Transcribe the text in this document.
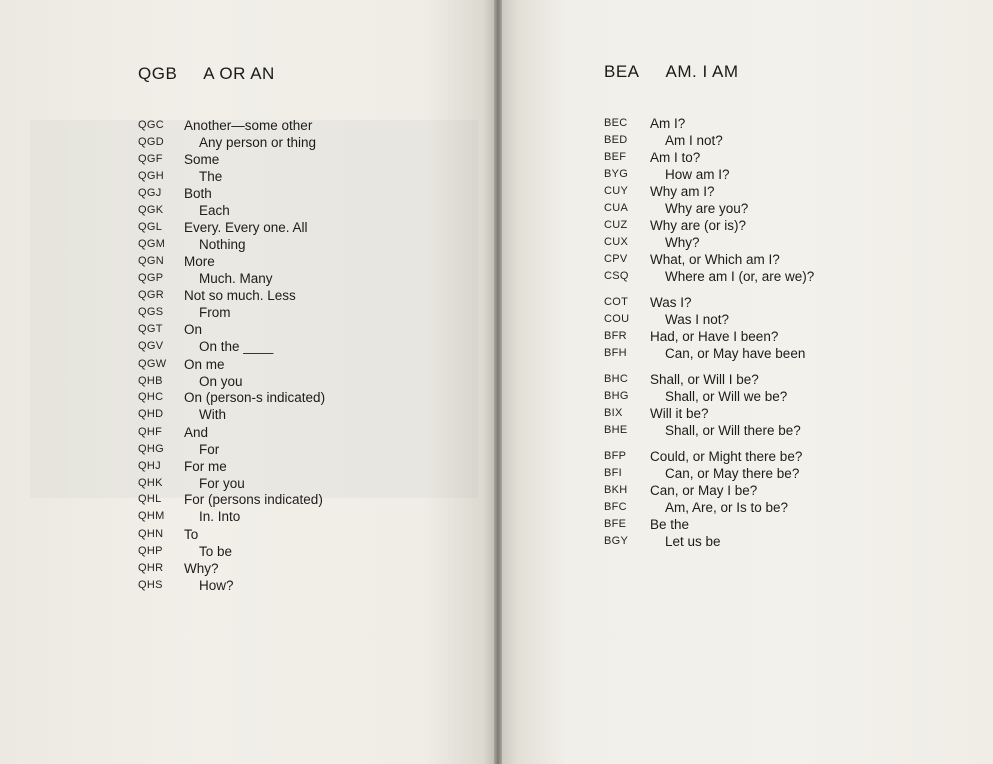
QGB A OR AN
QGC Another—some other
QGD	Any person or thing
QGF Some
QGH	The
QGJ Both
QGK	Each
QGL Every. Every one. All
QGM	Nothing
QGN More
QGP	Much. Many
QGR Not so much. Less
QGS	From
QGT On
QGV	On the ____
QGW On me
QHB	On you
QHC On (person-s indicated)
QHD	With
QHF And
QHG	For
QHJ For me
QHK	For you
QHL For (persons indicated)
QHM	In. Into
QHN To
QHP	To be
QHR Why?
QHS	How?
BEA AM. I AM
BEC Am I?
BED	Am I not?
BEF Am I to?
BYG	How am I?
CUY Why am I?
CUA	Why are you?
CUZ Why are (or is)?
CUX	Why?
CPV What, or Which am I?
CSQ	Where am I (or, are we)?
COT Was I?
COU	Was I not?
BFR Had, or Have I been?
BFH	Can, or May have been
BHC Shall, or Will I be?
BHG	Shall, or Will we be?
BIX Will it be?
BHE	Shall, or Will there be?
BFP Could, or Might there be?
BFI	Can, or May there be?
BKH Can, or May I be?
BFC	Am, Are, or Is to be?
BFE Be the
BGY	Let us be
